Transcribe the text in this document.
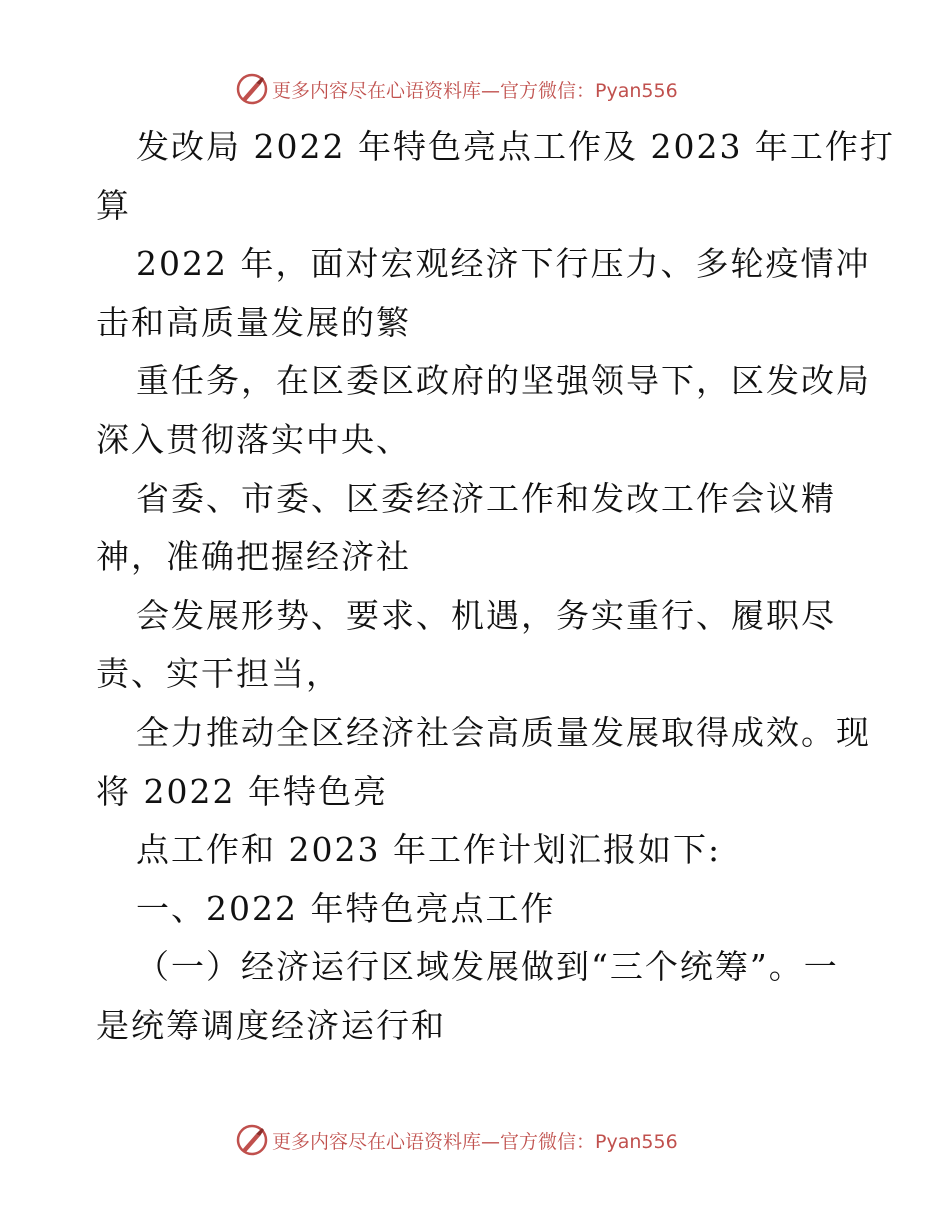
更多内容尽在心语资料库—官方微信：Pyan556
发改局 2022 年特色亮点工作及 2023 年工作打
算
2022 年，面对宏观经济下行压力、多轮疫情冲
击和高质量发展的繁
重任务，在区委区政府的坚强领导下，区发改局
深入贯彻落实中央、
省委、市委、区委经济工作和发改工作会议精
神，准确把握经济社
会发展形势、要求、机遇，务实重行、履职尽
责、实干担当，
全力推动全区经济社会高质量发展取得成效。现
将 2022 年特色亮
点工作和 2023 年工作计划汇报如下:
一、2022 年特色亮点工作
（一）经济运行区域发展做到“三个统筹”。一
是统筹调度经济运行和
更多内容尽在心语资料库—官方微信：Pyan556
